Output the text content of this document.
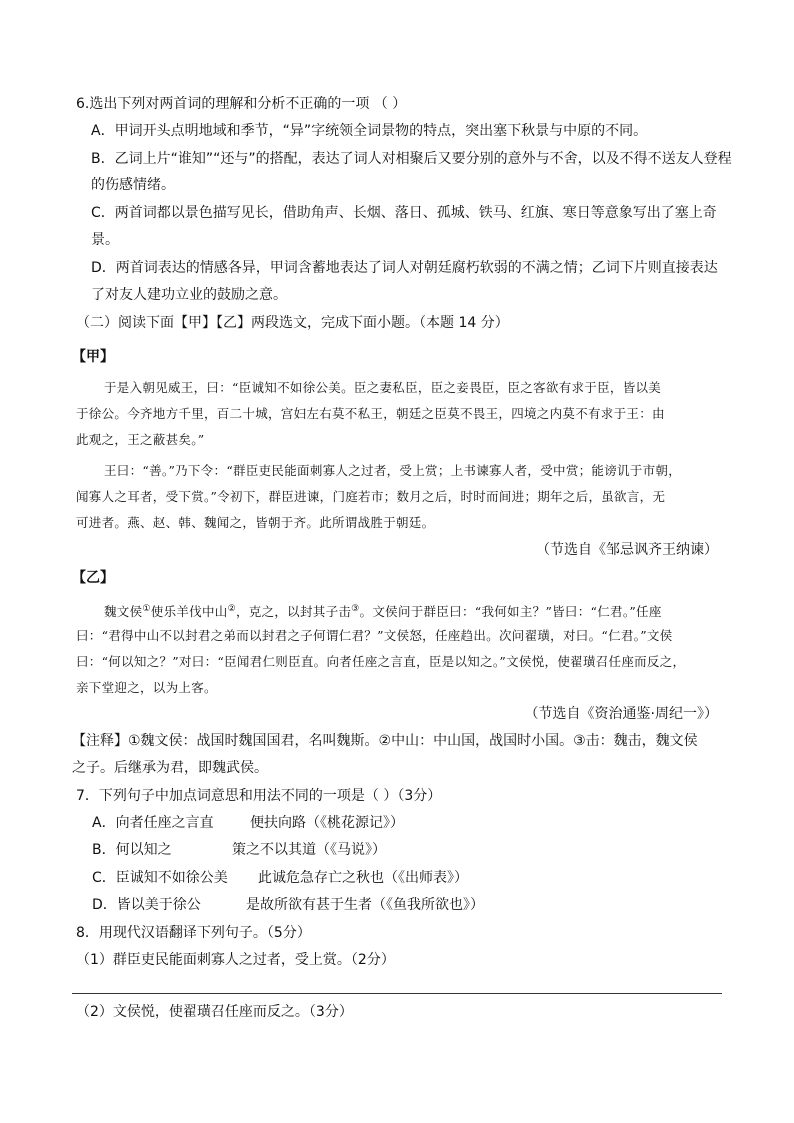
6.选出下列对两首词的理解和分析不正确的一项 （ ）
A．甲词开头点明地域和季节，“异”字统领全词景物的特点，突出塞下秋景与中原的不同。
B．乙词上片“谁知”“还与”的搭配，表达了词人对相聚后又要分别的意外与不舍，以及不得不送友人登程
的伤感情绪。
C．两首词都以景色描写见长，借助角声、长烟、落日、孤城、铁马、红旗、寒日等意象写出了塞上奇
景。
D．两首词表达的情感各异，甲词含蓄地表达了词人对朝廷腐朽软弱的不满之情；乙词下片则直接表达
了对友人建功立业的鼓励之意。
（二）阅读下面【甲】【乙】两段选文，完成下面小题。（本题 14 分）
【甲】
于是入朝见威王，曰：“臣诚知不如徐公美。臣之妻私臣，臣之妾畏臣，臣之客欲有求于臣，皆以美
于徐公。今齐地方千里，百二十城，宫妇左右莫不私王，朝廷之臣莫不畏王，四境之内莫不有求于王：由
此观之，王之蔽甚矣。”
王曰：“善。”乃下令：“群臣吏民能面刺寡人之过者，受上赏；上书谏寡人者，受中赏；能谤讥于市朝，
闻寡人之耳者，受下赏。”令初下，群臣进谏，门庭若市；数月之后，时时而间进；期年之后，虽欲言，无
可进者。燕、赵、韩、魏闻之，皆朝于齐。此所谓战胜于朝廷。
（节选自《邹忌讽齐王纳谏）
【乙】
魏文侯①使乐羊伐中山②，克之，以封其子击③。文侯问于群臣曰：“我何如主？”皆曰：“仁君。”任座
曰：“君得中山不以封君之弟而以封君之子何谓仁君？”文侯怒，任座趋出。次问翟璜，对曰。“仁君。”文侯
曰：“何以知之？”对曰：“臣闻君仁则臣直。向者任座之言直，臣是以知之。”文侯悦，使翟璜召任座而反之，
亲下堂迎之，以为上客。
（节选自《资治通鉴·周纪一》）
【注释】①魏文侯：战国时魏国国君，名叫魏斯。②中山：中山国，战国时小国。③击：魏击，魏文侯
之子。后继承为君，即魏武侯。
7．下列句子中加点词意思和用法不同的一项是（ ）（3分）
A．向者任座之言直	便扶向路（《桃花源记》）
B．何以知之	策之不以其道（《马说》）
C．臣诚知不如徐公美 此诚危急存亡之秋也（《出师表》）
D．皆以美于徐公	是故所欲有甚于生者（《鱼我所欲也》）
8．用现代汉语翻译下列句子。（5分）
（1）群臣吏民能面刺寡人之过者，受上赏。（2分）
（2）文侯悦，使翟璜召任座而反之。（3分）
